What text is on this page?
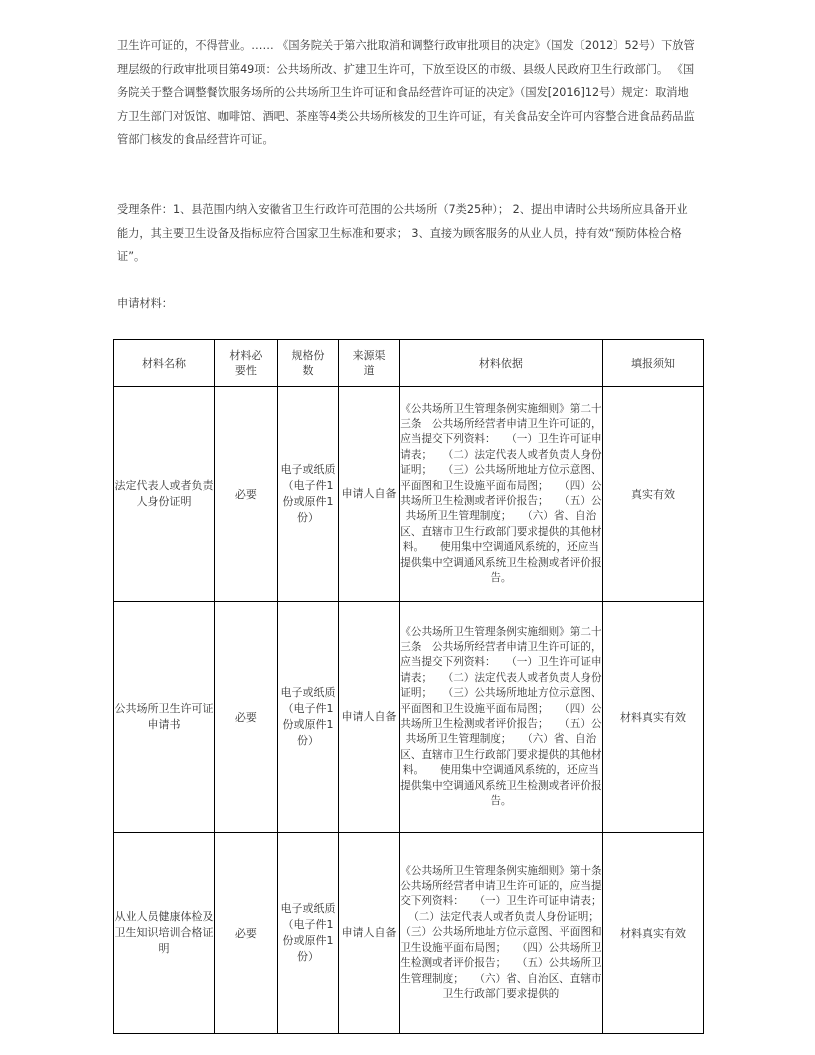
卫生许可证的，不得营业。…… 《国务院关于第六批取消和调整行政审批项目的决定》（国发〔2012〕52号）下放管理层级的行政审批项目第49项：公共场所改、扩建卫生许可，下放至设区的市级、县级人民政府卫生行政部门。 《国务院关于整合调整餐饮服务场所的公共场所卫生许可证和食品经营许可证的决定》（国发[2016]12号）规定：取消地方卫生部门对饭馆、咖啡馆、酒吧、茶座等4类公共场所核发的卫生许可证，有关食品安全许可内容整合进食品药品监管部门核发的食品经营许可证。

受理条件：1、县范围内纳入安徽省卫生行政许可范围的公共场所（7类25种）； 2、提出申请时公共场所应具备开业能力，其主要卫生设备及指标应符合国家卫生标准和要求； 3、直接为顾客服务的从业人员，持有效“预防体检合格证”。

申请材料：

材料名称	材料必要性	规格份数	来源渠道	材料依据	填报须知
法定代表人或者负责人身份证明	必要	电子或纸质（电子件1份或原件1份）	申请人自备	《公共场所卫生管理条例实施细则》第二十三条　公共场所经营者申请卫生许可证的，应当提交下列资料：　　（一）卫生许可证申请表；　　（二）法定代表人或者负责人身份证明；　　（三）公共场所地址方位示意图、平面图和卫生设施平面布局图；　　（四）公共场所卫生检测或者评价报告；　　（五）公共场所卫生管理制度；　　（六）省、自治区、直辖市卫生行政部门要求提供的其他材料。　　使用集中空调通风系统的，还应当提供集中空调通风系统卫生检测或者评价报告。	真实有效
公共场所卫生许可证申请书	必要	电子或纸质（电子件1份或原件1份）	申请人自备	《公共场所卫生管理条例实施细则》第二十三条　公共场所经营者申请卫生许可证的，应当提交下列资料：　　（一）卫生许可证申请表；　　（二）法定代表人或者负责人身份证明；　　（三）公共场所地址方位示意图、平面图和卫生设施平面布局图；　　（四）公共场所卫生检测或者评价报告；　　（五）公共场所卫生管理制度；　　（六）省、自治区、直辖市卫生行政部门要求提供的其他材料。　　使用集中空调通风系统的，还应当提供集中空调通风系统卫生检测或者评价报告。	材料真实有效
从业人员健康体检及卫生知识培训合格证明	必要	电子或纸质（电子件1份或原件1份）	申请人自备	《公共场所卫生管理条例实施细则》第十条　公共场所经营者申请卫生许可证的，应当提交下列资料：　　（一）卫生许可证申请表；（二）法定代表人或者负责人身份证明；　　（三）公共场所地址方位示意图、平面图和卫生设施平面布局图；　　（四）公共场所卫生检测或者评价报告；　　（五）公共场所卫生管理制度；　　（六）省、自治区、直辖市卫生行政部门要求提供的	材料真实有效
